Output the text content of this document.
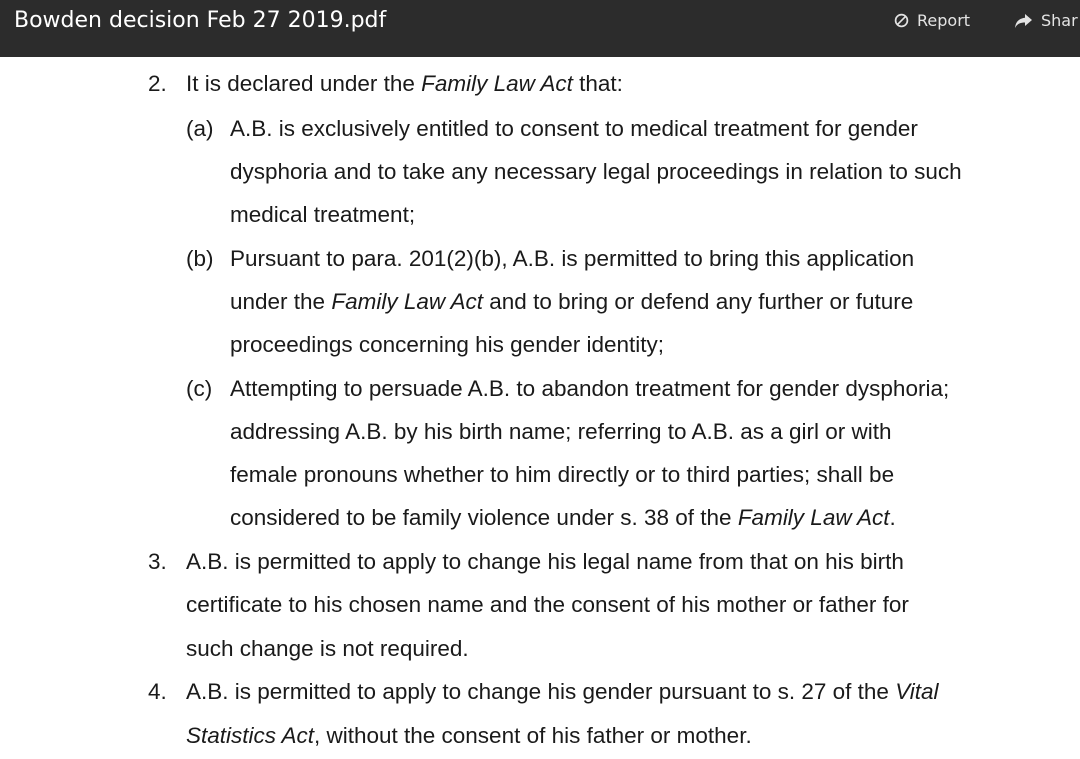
Bowden decision Feb 27 2019.pdf	Report	Shar
2. It is declared under the Family Law Act that:
(a) A.B. is exclusively entitled to consent to medical treatment for gender
dysphoria and to take any necessary legal proceedings in relation to such
medical treatment;
(b) Pursuant to para. 201(2)(b), A.B. is permitted to bring this application
under the Family Law Act and to bring or defend any further or future
proceedings concerning his gender identity;
(c) Attempting to persuade A.B. to abandon treatment for gender dysphoria;
addressing A.B. by his birth name; referring to A.B. as a girl or with
female pronouns whether to him directly or to third parties; shall be
considered to be family violence under s. 38 of the Family Law Act.
3. A.B. is permitted to apply to change his legal name from that on his birth
certificate to his chosen name and the consent of his mother or father for
such change is not required.
4. A.B. is permitted to apply to change his gender pursuant to s. 27 of the Vital
Statistics Act, without the consent of his father or mother.
